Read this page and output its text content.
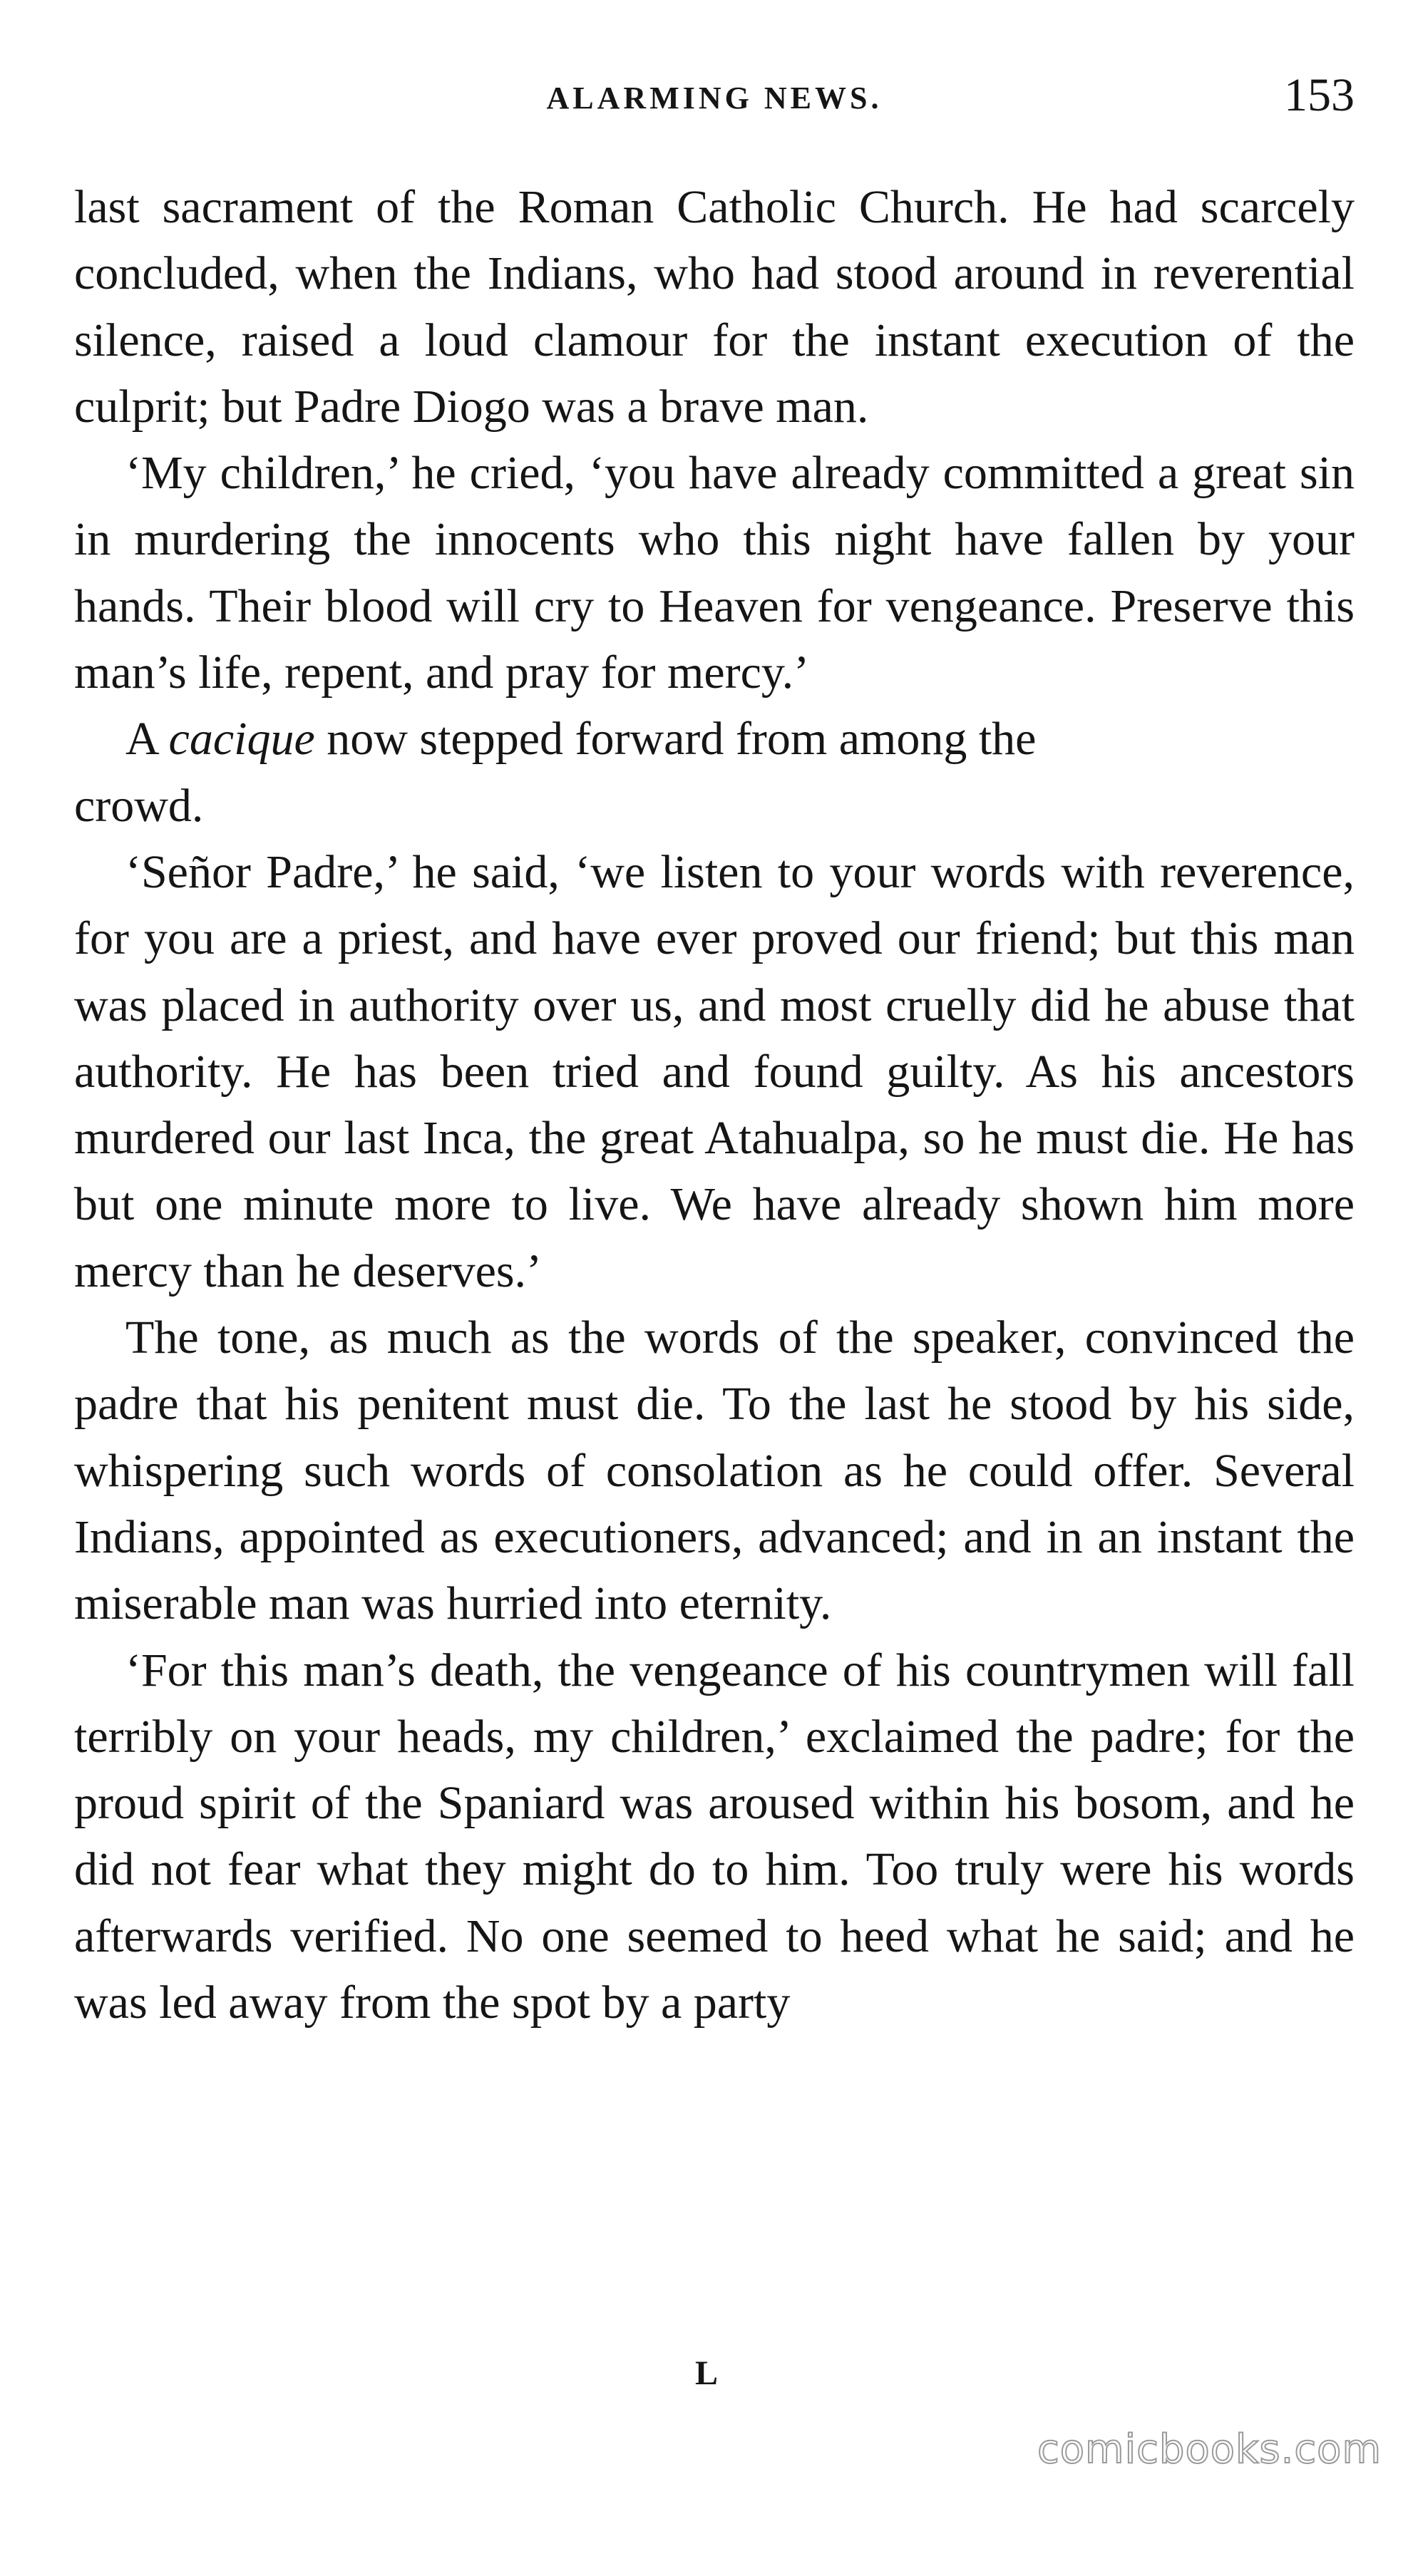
ALARMING NEWS.	153

last sacrament of the Roman Catholic Church. He had scarcely concluded, when the Indians, who had stood around in reverential silence, raised a loud clamour for the instant execution of the culprit; but Padre Diogo was a brave man.

‘My children,’ he cried, ‘you have already committed a great sin in murdering the innocents who this night have fallen by your hands. Their blood will cry to Heaven for vengeance. Preserve this man’s life, repent, and pray for mercy.’

A cacique now stepped forward from among the

crowd.

‘Señor Padre,’ he said, ‘we listen to your words with reverence, for you are a priest, and have ever proved our friend; but this man was placed in authority over us, and most cruelly did he abuse that authority. He has been tried and found guilty. As his ancestors murdered our last Inca, the great Atahualpa, so he must die. He has but one minute more to live. We have already shown him more mercy than he deserves.’

The tone, as much as the words of the speaker, convinced the padre that his penitent must die. To the last he stood by his side, whispering such words of consolation as he could offer. Several Indians, appointed as executioners, advanced; and in an instant the miserable man was hurried into eternity.

‘For this man’s death, the vengeance of his countrymen will fall terribly on your heads, my children,’ exclaimed the padre; for the proud spirit of the Spaniard was aroused within his bosom, and he did not fear what they might do to him. Too truly were his words afterwards verified. No one seemed to heed what he said; and he was led away from the spot by a party

L
comicbooks.com
